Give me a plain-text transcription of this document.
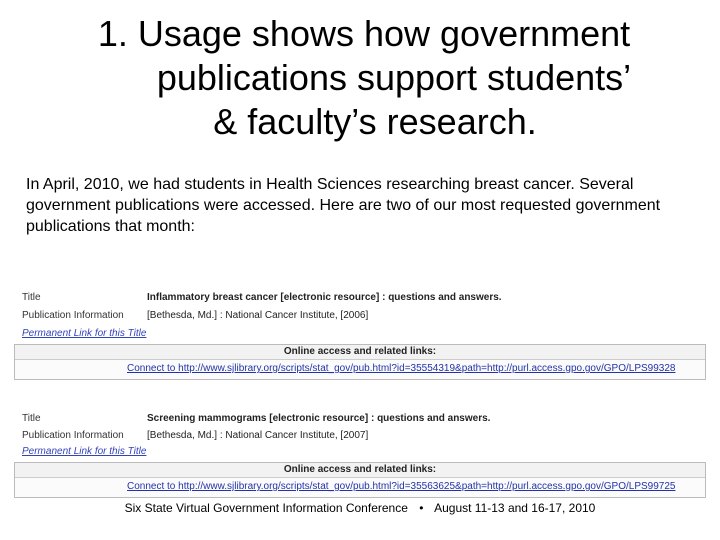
1. Usage shows how government
publications support students’
& faculty’s research.
In April, 2010, we had students in Health Sciences researching breast cancer. Several government publications were accessed. Here are two of our most requested government publications that month:
Title	Inflammatory breast cancer [electronic resource] : questions and answers.
Publication Information [Bethesda, Md.] : National Cancer Institute, [2006]
Permanent Link for this Title
Online access and related links:
Connect to http://www.sjlibrary.org/scripts/stat_gov/pub.html?id=35554319&path=http://purl.access.gpo.gov/GPO/LPS99328
Title	Screening mammograms [electronic resource] : questions and answers.
Publication Information [Bethesda, Md.] : National Cancer Institute, [2007]
Permanent Link for this Title
Online access and related links:
Connect to http://www.sjlibrary.org/scripts/stat_gov/pub.html?id=35563625&path=http://purl.access.gpo.gov/GPO/LPS99725
Six State Virtual Government Information Conference • August 11-13 and 16-17, 2010
